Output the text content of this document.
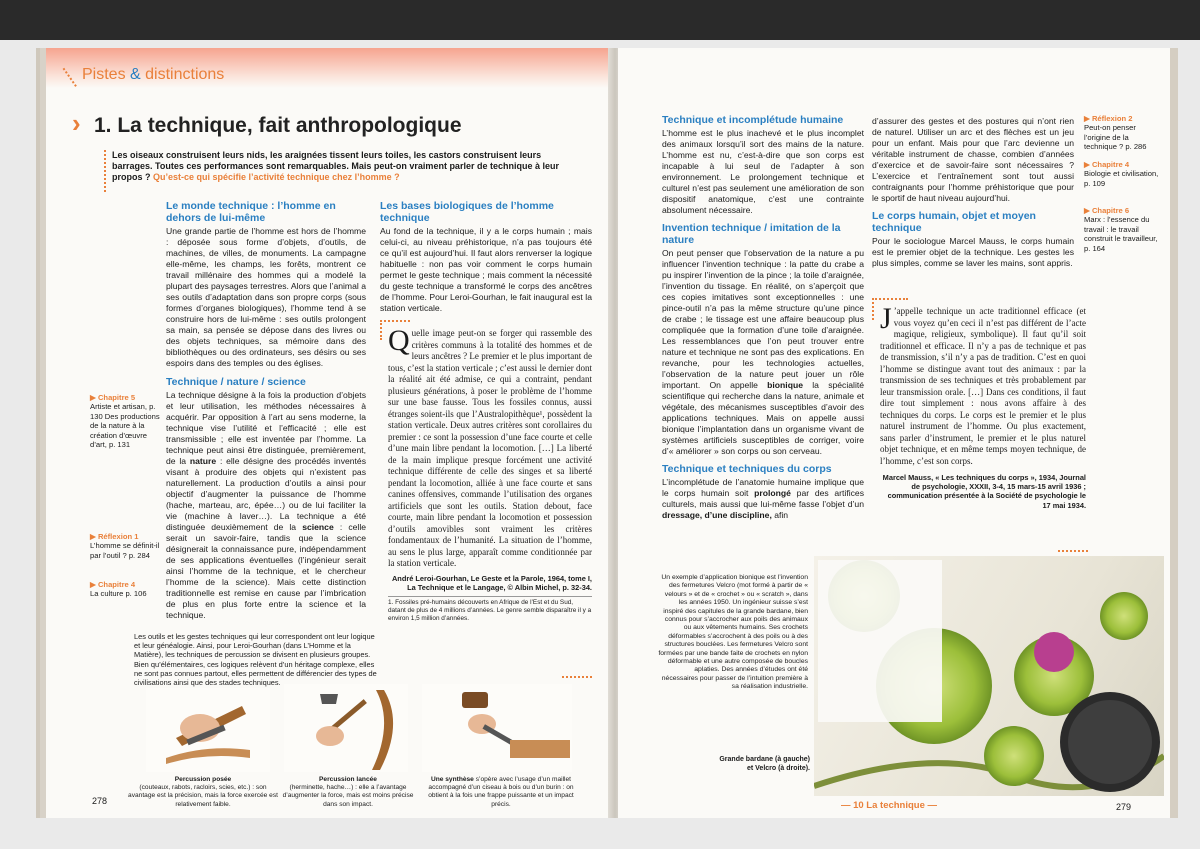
Pistes & distinctions
› 1. La technique, fait anthropologique
Les oiseaux construisent leurs nids, les araignées tissent leurs toiles, les castors construisent leurs barrages. Toutes ces performances sont remarquables. Mais peut-on vraiment parler de technique à leur propos ? Qu’est-ce qui spécifie l’activité technique chez l’homme ?
Le monde technique : l’homme en dehors de lui-même
Une grande partie de l’homme est hors de l’homme : déposée sous forme d’objets, d’outils, de machines, de villes, de monuments. La campagne elle-même, les champs, les forêts, montrent ce travail millénaire des hommes qui a modelé la plupart des paysages terrestres. Alors que l’animal a ses outils d’adaptation dans son propre corps (sous formes d’organes biologiques), l’homme tend à se construire hors de lui-même : ses outils prolongent sa main, sa pensée se dépose dans des livres ou des objets techniques, sa mémoire dans des bibliothèques ou des ordinateurs, ses désirs ou ses espoirs dans des temples ou des églises.
Technique / nature / science
La technique désigne à la fois la production d’objets et leur utilisation, les méthodes nécessaires à acquérir. Par opposition à l’art au sens moderne, la technique vise l’utilité et l’efficacité ; elle est transmissible ; elle est inventée par l’homme. La technique peut ainsi être distinguée, premièrement, de la nature : elle désigne des procédés inventés visant à produire des objets qui n’existent pas naturellement. La production d’outils a ainsi pour objectif d’augmenter la puissance de l’homme (hache, marteau, arc, épée…) ou de lui faciliter la vie (machine à laver…). La technique a été distinguée deuxièmement de la science : celle serait un savoir-faire, tandis que la science désignerait la connaissance pure, indépendamment de ses applications éventuelles (l’ingénieur serait ainsi l’homme de la technique, et le chercheur l’homme de la science). Mais cette distinction traditionnelle est remise en cause par l’imbrication de plus en plus forte entre la science et la technique.
▶ Chapitre 5
Artiste et artisan, p. 130 Des productions de la nature à la création d’œuvre d’art, p. 131
▶ Réflexion 1
L’homme se définit-il par l’outil ? p. 284
▶ Chapitre 4
La culture p. 106
Les bases biologiques de l’homme technique
Au fond de la technique, il y a le corps humain ; mais celui-ci, au niveau préhistorique, n’a pas toujours été ce qu’il est aujourd’hui. Il faut alors renverser la logique habituelle : non pas voir comment le corps humain permet le geste technique ; mais comment la nécessité du geste technique a transformé le corps des ancêtres de l’homme. Pour Leroi-Gourhan, le fait inaugural est la station verticale.
Q uelle image peut-on se forger qui rassemble des critères communs à la totalité des hommes et de leurs ancêtres ? Le premier et le plus important de tous, c’est la station verticale ; c’est aussi le dernier dont la réalité ait été admise, ce qui a contraint, pendant plusieurs générations, à poser le problème de l’homme sur une base fausse. Tous les fossiles connus, aussi étranges soient-ils que l’Australopithèque¹, possèdent la station verticale. Deux autres critères sont corollaires du premier : ce sont la possession d’une face courte et celle d’une main libre pendant la locomotion. […] La liberté de la main implique presque forcément une activité technique différente de celle des singes et sa liberté pendant la locomotion, alliée à une face courte et sans canines offensives, commande l’utilisation des organes artificiels que sont les outils. Station debout, face courte, main libre pendant la locomotion et possession d’outils amovibles sont vraiment les critères fondamentaux de l’humanité. La situation de l’homme, au sens le plus large, apparaît comme conditionnée par la station verticale.
André Leroi-Gourhan, Le Geste et la Parole, 1964, tome I, La Technique et le Langage, © Albin Michel, p. 32-34.
1. Fossiles pré-humains découverts en Afrique de l’Est et du Sud, datant de plus de 4 millions d’années. Le genre semble disparaître il y a environ 1,5 million d’années.
Les outils et les gestes techniques qui leur correspondent ont leur logique et leur généalogie. Ainsi, pour Leroi-Gourhan (dans L’Homme et la Matière), les techniques de percussion se divisent en plusieurs groupes. Bien qu’élémentaires, ces logiques relèvent d’un héritage complexe, elles ne sont pas connues partout, elles permettent de différencier des types de civilisations ainsi que des stades techniques.
Percussion posée
(couteaux, rabots, racloirs, scies, etc.) : son avantage est la précision, mais la force exercée est relativement faible.
Percussion lancée
(herminette, hache…) : elle a l’avantage d’augmenter la force, mais est moins précise dans son impact.
Une synthèse s’opère avec l’usage d’un maillet accompagné d’un ciseau à bois ou d’un burin : on obtient à la fois une frappe puissante et un impact précis.
278
Technique et incomplétude humaine
L’homme est le plus inachevé et le plus incomplet des animaux lorsqu’il sort des mains de la nature. L’homme est nu, c’est-à-dire que son corps est incapable à lui seul de l’adapter à son environnement. Le prolongement technique et culturel n’est pas seulement une amélioration de son dispositif anatomique, c’est une contrainte absolument nécessaire.
Invention technique / imitation de la nature
On peut penser que l’observation de la nature a pu influencer l’invention technique : la patte du crabe a pu inspirer l’invention de la pince ; la toile d’araignée, l’invention du tissage. En réalité, on s’aperçoit que ces copies imitatives sont exceptionnelles : une pince-outil n’a pas la même structure qu’une pince de crabe ; le tissage est une affaire beaucoup plus compliquée que la formation d’une toile d’araignée. Les ressemblances que l’on peut trouver entre nature et technique ne sont pas des explications. En revanche, pour les technologies actuelles, l’observation de la nature peut jouer un rôle important. On appelle bionique la spécialité scientifique qui recherche dans la nature, animale et végétale, des mécanismes susceptibles d’avoir des applications techniques. Mais on appelle aussi bionique l’implantation dans un organisme vivant de systèmes artificiels susceptibles de corriger, voire d’« améliorer » son corps ou son cerveau.
Technique et techniques du corps
L’incomplétude de l’anatomie humaine implique que le corps humain soit prolongé par des artifices culturels, mais aussi que lui-même fasse l’objet d’un dressage, d’une discipline, afin
d’assurer des gestes et des postures qui n’ont rien de naturel. Utiliser un arc et des flèches est un jeu pour un enfant. Mais pour que l’arc devienne un véritable instrument de chasse, combien d’années d’exercice et de savoir-faire sont nécessaires ? L’exercice et l’entraînement sont tout aussi contraignants pour l’homme préhistorique que pour le sportif de haut niveau aujourd’hui.
Le corps humain, objet et moyen technique
Pour le sociologue Marcel Mauss, le corps humain est le premier objet de la technique. Les gestes les plus simples, comme se laver les mains, sont appris.
J ’appelle technique un acte traditionnel efficace (et vous voyez qu’en ceci il n’est pas différent de l’acte magique, religieux, symbolique). Il faut qu’il soit traditionnel et efficace. Il n’y a pas de technique et pas de transmission, s’il n’y a pas de tradition. C’est en quoi l’homme se distingue avant tout des animaux : par la transmission de ses techniques et très probablement par leur transmission orale. […] Dans ces conditions, il faut dire tout simplement : nous avons affaire à des techniques du corps. Le corps est le premier et le plus naturel instrument de l’homme. Ou plus exactement, sans parler d’instrument, le premier et le plus naturel objet technique, et en même temps moyen technique, de l’homme, c’est son corps.
Marcel Mauss, « Les techniques du corps », 1934, Journal de psychologie, XXXII, 3-4, 15 mars-15 avril 1936 ; communication présentée à la Société de psychologie le 17 mai 1934.
▶ Réflexion 2
Peut-on penser l’origine de la technique ? p. 286
▶ Chapitre 4
Biologie et civilisation, p. 109
▶ Chapitre 6
Marx : l’essence du travail : le travail construit le travailleur, p. 164
Un exemple d’application bionique est l’invention des fermetures Velcro (mot formé à partir de « velours » et de « crochet » ou « scratch », dans les années 1950. Un ingénieur suisse s’est inspiré des capitules de la grande bardane, bien connus pour s’accrocher aux poils des animaux ou aux vêtements humains. Ses crochets déformables s’accrochent à des poils ou à des structures bouclées. Les fermetures Velcro sont formées par une bande faite de crochets en nylon déformable et une autre composée de boucles aplaties. Des années d’études ont été nécessaires pour passer de l’intuition première à sa réalisation industrielle.
Grande bardane (à gauche) et Velcro (à droite).
— 10 La technique —	279
